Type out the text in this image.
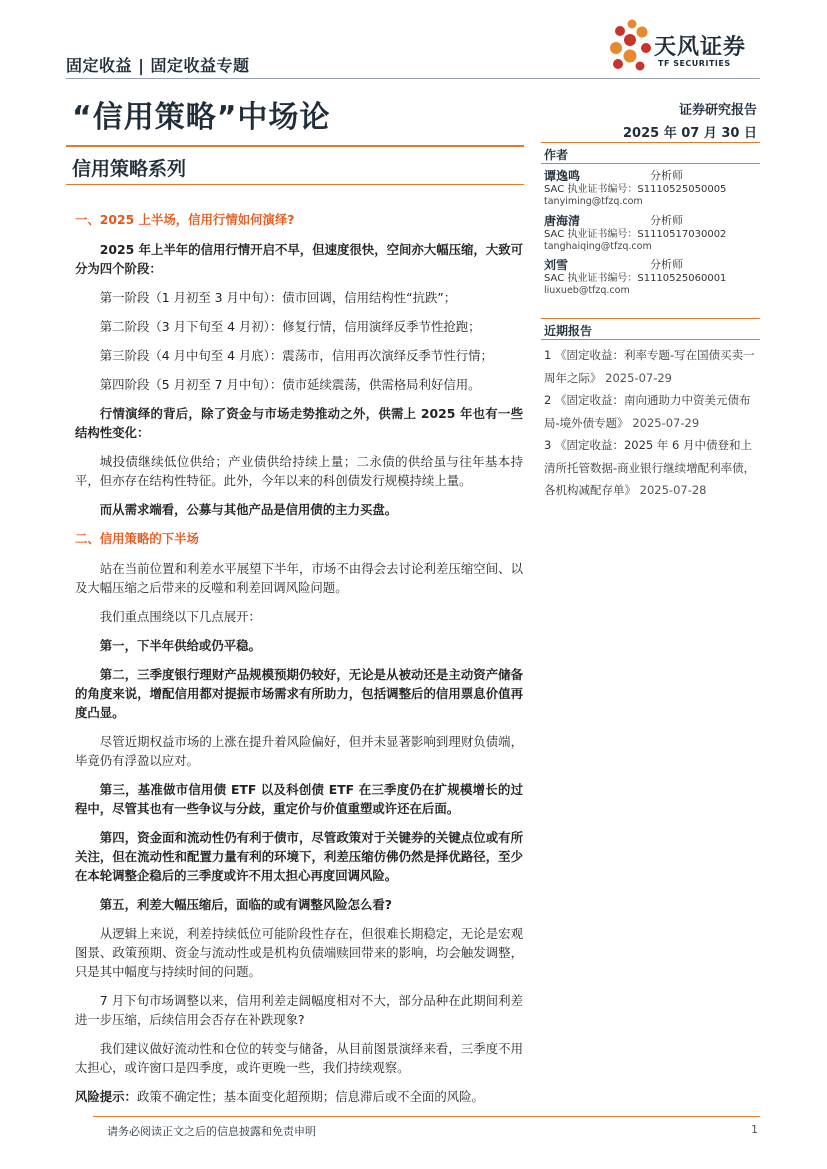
固定收益 | 固定收益专题
天风证券
TF SECURITIES
“信用策略”中场论	证券研究报告
2025 年 07 月 30 日
信用策略系列

一、2025 上半场，信用行情如何演绎?

2025 年上半年的信用行情开启不早，但速度很快，空间亦大幅压缩，大致可分为四个阶段：

第一阶段（1 月初至 3 月中旬）：债市回调，信用结构性“抗跌”；

第二阶段（3 月下旬至 4 月初）：修复行情，信用演绎反季节性抢跑；

第三阶段（4 月中旬至 4 月底）：震荡市，信用再次演绎反季节性行情；

第四阶段（5 月初至 7 月中旬）：债市延续震荡，供需格局利好信用。

行情演绎的背后，除了资金与市场走势推动之外，供需上 2025 年也有一些结构性变化：

城投债继续低位供给；产业债供给持续上量；二永债的供给虽与往年基本持平，但亦存在结构性特征。此外，今年以来的科创债发行规模持续上量。

而从需求端看，公募与其他产品是信用债的主力买盘。

二、信用策略的下半场

站在当前位置和利差水平展望下半年，市场不由得会去讨论利差压缩空间、以及大幅压缩之后带来的反噬和利差回调风险问题。

我们重点围绕以下几点展开：

第一，下半年供给或仍平稳。

第二，三季度银行理财产品规模预期仍较好，无论是从被动还是主动资产储备的角度来说，增配信用都对提振市场需求有所助力，包括调整后的信用票息价值再度凸显。

尽管近期权益市场的上涨在提升着风险偏好，但并未显著影响到理财负债端，毕竟仍有浮盈以应对。

第三，基准做市信用债 ETF 以及科创债 ETF 在三季度仍在扩规模增长的过程中，尽管其也有一些争议与分歧，重定价与价值重塑或许还在后面。

第四，资金面和流动性仍有利于债市，尽管政策对于关键券的关键点位或有所关注，但在流动性和配置力量有利的环境下，利差压缩仿佛仍然是择优路径，至少在本轮调整企稳后的三季度或许不用太担心再度回调风险。

第五，利差大幅压缩后，面临的或有调整风险怎么看?

从逻辑上来说，利差持续低位可能阶段性存在，但很难长期稳定，无论是宏观图景、政策预期、资金与流动性或是机构负债端赎回带来的影响，均会触发调整，只是其中幅度与持续时间的问题。

7 月下旬市场调整以来，信用利差走阔幅度相对不大，部分品种在此期间利差进一步压缩，后续信用会否存在补跌现象?

我们建议做好流动性和仓位的转变与储备，从目前图景演绎来看，三季度不用太担心，或许窗口是四季度，或许更晚一些，我们持续观察。

风险提示：政策不确定性；基本面变化超预期；信息滞后或不全面的风险。

作者
谭逸鸣	分析师
SAC 执业证书编号：S1110525050005
tanyiming@tfzq.com
唐海清	分析师
SAC 执业证书编号：S1110517030002
tanghaiqing@tfzq.com
刘雪	分析师
SAC 执业证书编号：S1110525060001
liuxueb@tfzq.com
近期报告
1 《固定收益：利率专题-写在国债买卖一周年之际》 2025-07-29
2 《固定收益：南向通助力中资美元债布局-境外债专题》 2025-07-29
3 《固定收益：2025 年 6 月中债登和上清所托管数据-商业银行继续增配利率债，各机构减配存单》 2025-07-28
请务必阅读正文之后的信息披露和免责申明	1
